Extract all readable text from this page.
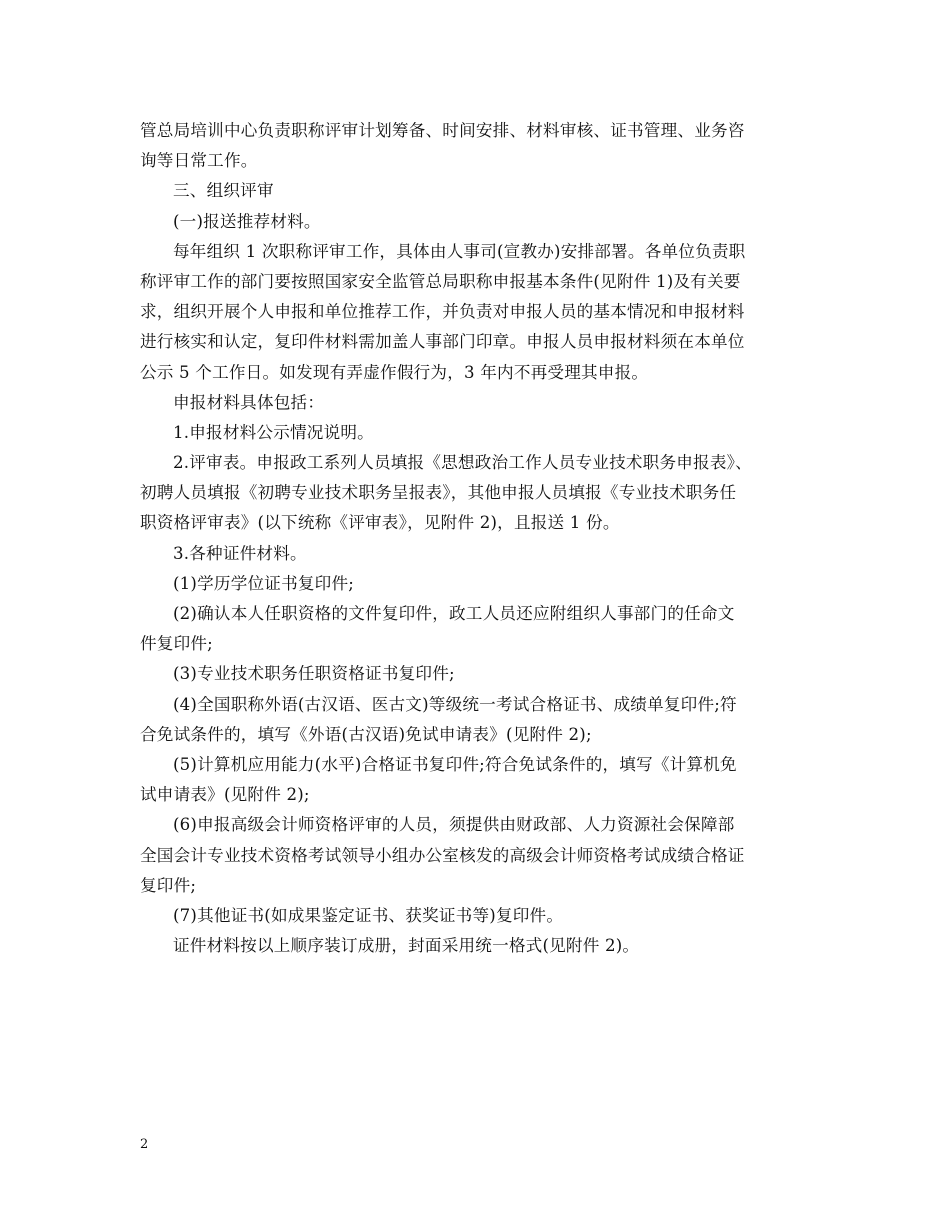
管总局培训中心负责职称评审计划筹备、时间安排、材料审核、证书管理、业务咨
询等日常工作。
三、组织评审
(一)报送推荐材料。
每年组织 1 次职称评审工作，具体由人事司(宣教办)安排部署。各单位负责职
称评审工作的部门要按照国家安全监管总局职称申报基本条件(见附件 1)及有关要
求，组织开展个人申报和单位推荐工作，并负责对申报人员的基本情况和申报材料
进行核实和认定，复印件材料需加盖人事部门印章。申报人员申报材料须在本单位
公示 5 个工作日。如发现有弄虚作假行为，3 年内不再受理其申报。
申报材料具体包括：
1.申报材料公示情况说明。
2.评审表。申报政工系列人员填报《思想政治工作人员专业技术职务申报表》、
初聘人员填报《初聘专业技术职务呈报表》，其他申报人员填报《专业技术职务任
职资格评审表》(以下统称《评审表》，见附件 2)，且报送 1 份。
3.各种证件材料。
(1)学历学位证书复印件;
(2)确认本人任职资格的文件复印件，政工人员还应附组织人事部门的任命文
件复印件;
(3)专业技术职务任职资格证书复印件;
(4)全国职称外语(古汉语、医古文)等级统一考试合格证书、成绩单复印件;符
合免试条件的，填写《外语(古汉语)免试申请表》(见附件 2);
(5)计算机应用能力(水平)合格证书复印件;符合免试条件的，填写《计算机免
试申请表》(见附件 2);
(6)申报高级会计师资格评审的人员，须提供由财政部、人力资源社会保障部
全国会计专业技术资格考试领导小组办公室核发的高级会计师资格考试成绩合格证
复印件;
(7)其他证书(如成果鉴定证书、获奖证书等)复印件。
证件材料按以上顺序装订成册，封面采用统一格式(见附件 2)。
2
